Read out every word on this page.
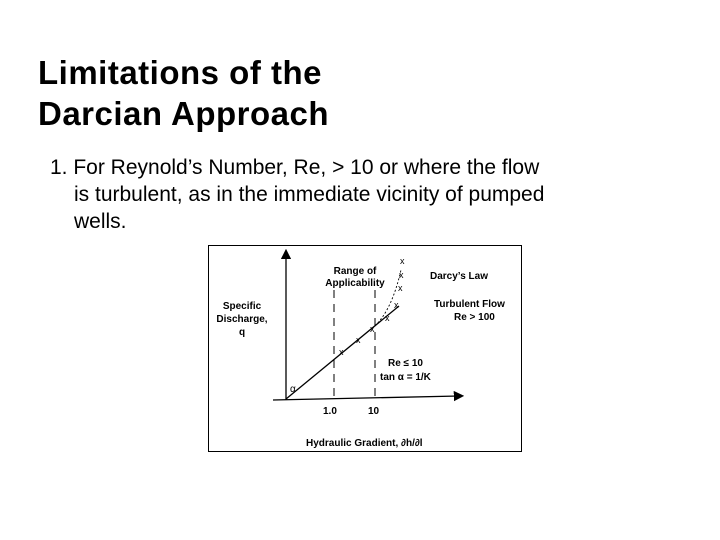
Limitations of the
Darcian Approach
1. For Reynold’s Number, Re, > 10 or where the flow
is turbulent, as in the immediate vicinity of pumped
wells.
x
x
x
x
x
x
x
x
α
1.0	10
Specific
Discharge,
q
Range of
Applicability
Darcy’s Law
Turbulent Flow
Re > 100
Re ≤ 10
tan α = 1/K
Hydraulic Gradient, ∂h/∂l
